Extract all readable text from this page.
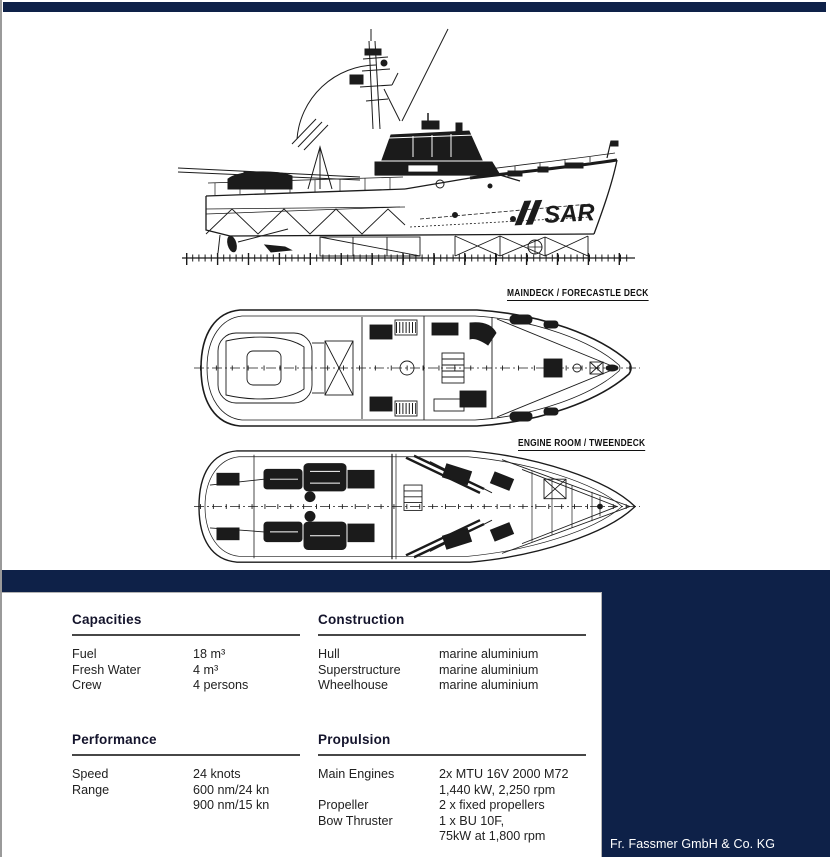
SAR
MAINDECK / FORECASTLE DECK
ENGINE ROOM / TWEENDECK
Capacities
Fuel	18 m³
Fresh Water	4 m³
Crew	4 persons
Construction
Hull	marine aluminium
Superstructure	marine aluminium
Wheelhouse	marine aluminium
Performance
Speed	24 knots
Range	600 nm/24 kn
900 nm/15 kn
Propulsion
Main Engines	2x MTU 16V 2000 M72
1,440 kW, 2,250 rpm
Propeller	2 x fixed propellers
Bow Thruster	1 x BU 10F,
75kW at 1,800 rpm
Fr. Fassmer GmbH & Co. KG
